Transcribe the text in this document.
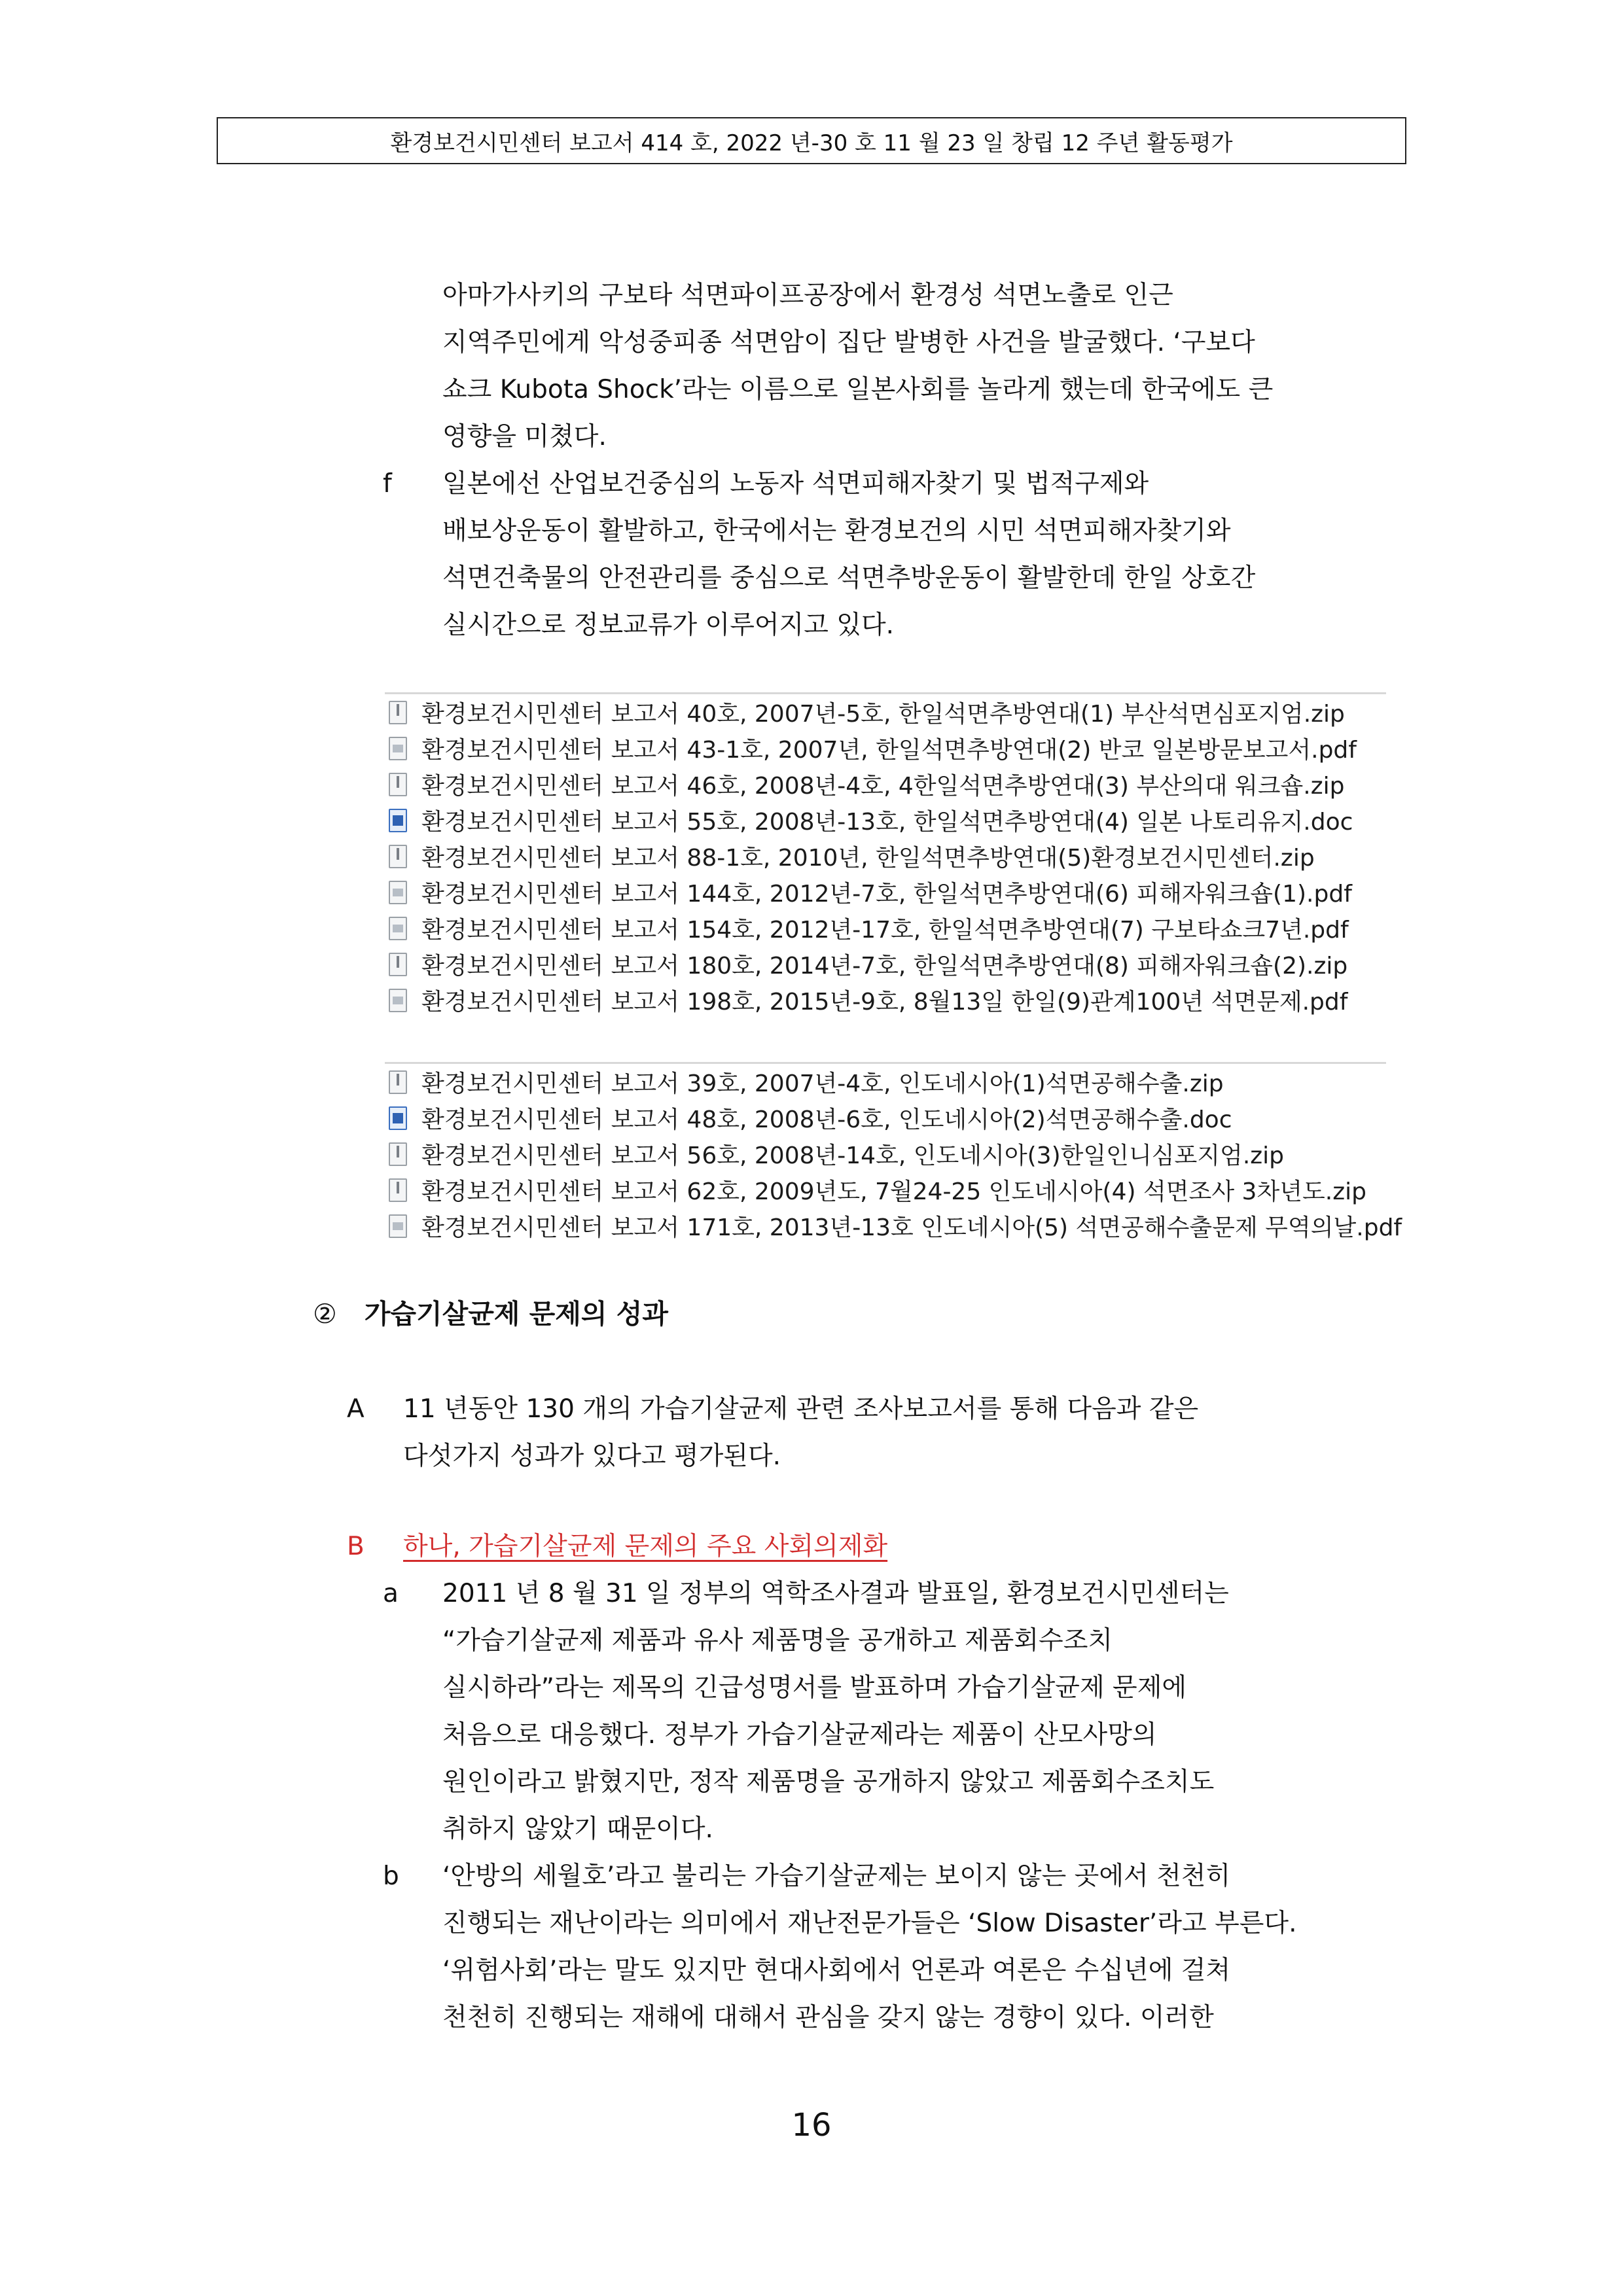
환경보건시민센터 보고서 414 호, 2022 년-30 호 11 월 23 일 창립 12 주년 활동평가
아마가사키의 구보타 석면파이프공장에서 환경성 석면노출로 인근
지역주민에게 악성중피종 석면암이 집단 발병한 사건을 발굴했다. ‘구보다
쇼크 Kubota Shock’라는 이름으로 일본사회를 놀라게 했는데 한국에도 큰
영향을 미쳤다.
f 일본에선 산업보건중심의 노동자 석면피해자찾기 및 법적구제와
배보상운동이 활발하고, 한국에서는 환경보건의 시민 석면피해자찾기와
석면건축물의 안전관리를 중심으로 석면추방운동이 활발한데 한일 상호간
실시간으로 정보교류가 이루어지고 있다.
환경보건시민센터 보고서 40호, 2007년-5호, 한일석면추방연대(1) 부산석면심포지엄.zip
환경보건시민센터 보고서 43-1호, 2007년, 한일석면추방연대(2) 반코 일본방문보고서.pdf
환경보건시민센터 보고서 46호, 2008년-4호, 4한일석면추방연대(3) 부산의대 워크숍.zip
환경보건시민센터 보고서 55호, 2008년-13호, 한일석면추방연대(4) 일본 나토리유지.doc
환경보건시민센터 보고서 88-1호, 2010년, 한일석면추방연대(5)환경보건시민센터.zip
환경보건시민센터 보고서 144호, 2012년-7호, 한일석면추방연대(6) 피해자워크숍(1).pdf
환경보건시민센터 보고서 154호, 2012년-17호, 한일석면추방연대(7) 구보타쇼크7년.pdf
환경보건시민센터 보고서 180호, 2014년-7호, 한일석면추방연대(8) 피해자워크숍(2).zip
환경보건시민센터 보고서 198호, 2015년-9호, 8월13일 한일(9)관계100년 석면문제.pdf
환경보건시민센터 보고서 39호, 2007년-4호, 인도네시아(1)석면공해수출.zip
환경보건시민센터 보고서 48호, 2008년-6호, 인도네시아(2)석면공해수출.doc
환경보건시민센터 보고서 56호, 2008년-14호, 인도네시아(3)한일인니심포지엄.zip
환경보건시민센터 보고서 62호, 2009년도, 7월24-25 인도네시아(4) 석면조사 3차년도.zip
환경보건시민센터 보고서 171호, 2013년-13호 인도네시아(5) 석면공해수출문제 무역의날.pdf
② 가습기살균제 문제의 성과
A 11 년동안 130 개의 가습기살균제 관련 조사보고서를 통해 다음과 같은
다섯가지 성과가 있다고 평가된다.
B 하나, 가습기살균제 문제의 주요 사회의제화
a 2011 년 8 월 31 일 정부의 역학조사결과 발표일, 환경보건시민센터는
“가습기살균제 제품과 유사 제품명을 공개하고 제품회수조치
실시하라”라는 제목의 긴급성명서를 발표하며 가습기살균제 문제에
처음으로 대응했다. 정부가 가습기살균제라는 제품이 산모사망의
원인이라고 밝혔지만, 정작 제품명을 공개하지 않았고 제품회수조치도
취하지 않았기 때문이다.
b ‘안방의 세월호’라고 불리는 가습기살균제는 보이지 않는 곳에서 천천히
진행되는 재난이라는 의미에서 재난전문가들은 ‘Slow Disaster’라고 부른다.
‘위험사회’라는 말도 있지만 현대사회에서 언론과 여론은 수십년에 걸쳐
천천히 진행되는 재해에 대해서 관심을 갖지 않는 경향이 있다. 이러한
16
